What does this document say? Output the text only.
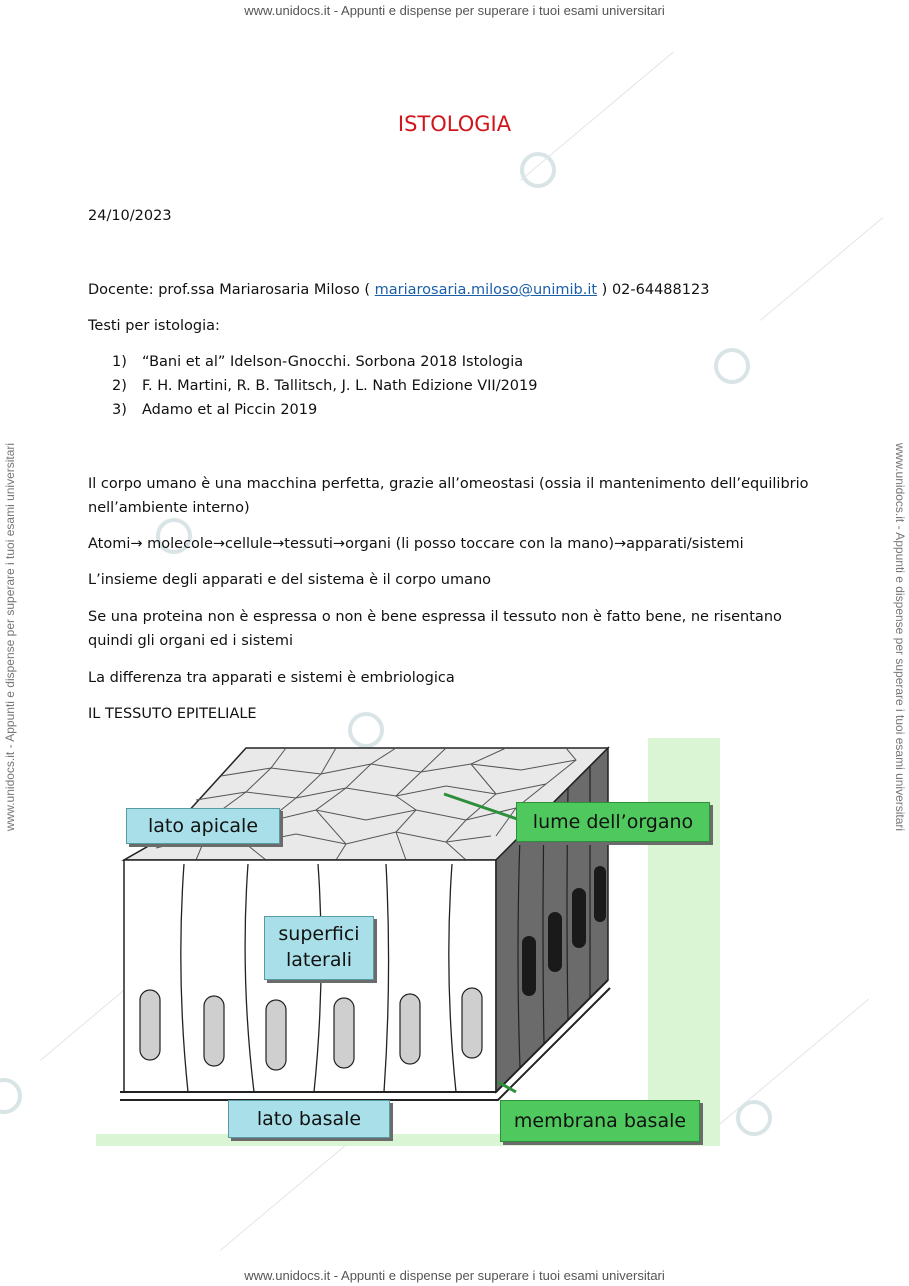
www.unidocs.it - Appunti e dispense per superare i tuoi esami universitari
www.unidocs.it - Appunti e dispense per superare i tuoi esami universitari
www.unidocs.it - Appunti e dispense per superare i tuoi esami universitari	www.unidocs.it - Appunti e dispense per superare i tuoi esami universitari
ISTOLOGIA
24/10/2023
Docente: prof.ssa Mariarosaria Miloso ( mariarosaria.miloso@unimib.it ) 02-64488123
Testi per istologia:
1)	“Bani et al” Idelson-Gnocchi. Sorbona 2018 Istologia
2)	F. H. Martini, R. B. Tallitsch, J. L. Nath Edizione VII/2019
3)	Adamo et al Piccin 2019
Il corpo umano è una macchina perfetta, grazie all’omeostasi (ossia il mantenimento dell’equilibrio nell’ambiente interno)
Atomi→ molecole→cellule→tessuti→organi (li posso toccare con la mano)→apparati/sistemi
L’insieme degli apparati e del sistema è il corpo umano
Se una proteina non è espressa o non è bene espressa il tessuto non è fatto bene, ne risentano quindi gli organi ed i sistemi
La differenza tra apparati e sistemi è embriologica
IL TESSUTO EPITELIALE
lato apicale	lume dell’organo
superfici
laterali
lato basale	membrana basale
